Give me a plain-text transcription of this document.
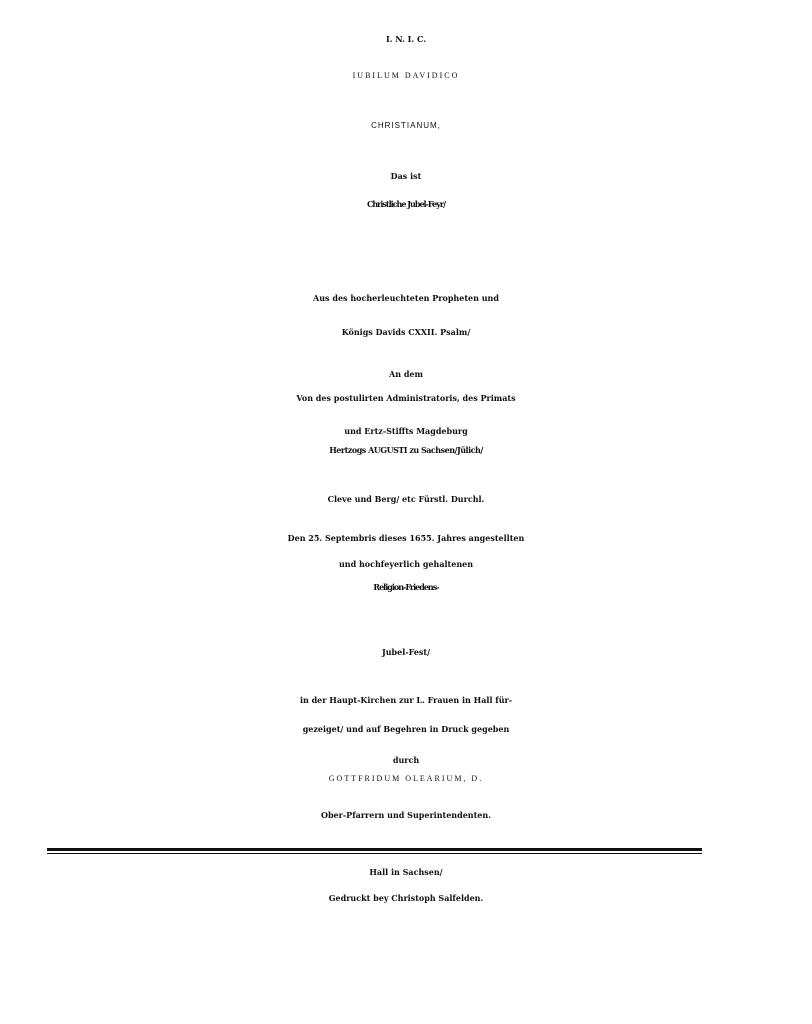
I. N. I. C.

IUBILUM DAVIDICO

CHRISTIANUM,

Das ist

Christliche Jubel-Feyr/

Aus des hocherleuchteten Propheten und

Königs Davids CXXII. Psalm/

An dem

Von des postulirten Administratoris, des Primats

und Ertz-Stiffts Magdeburg

Hertzogs AUGUSTI zu Sachsen/Jülich/

Cleve und Berg/ etc Fürstl. Durchl.

Den 25. Septembris dieses 1655. Jahres angestellten

und hochfeyerlich gehaltenen

Religion-Friedens-

Jubel-Fest/

in der Haupt-Kirchen zur L. Frauen in Hall für-

gezeiget/ und auf Begehren in Druck gegeben

durch

GOTTFRIDUM OLEARIUM, D.

Ober-Pfarrern und Superintendenten.

Hall in Sachsen/

Gedruckt bey Christoph Salfelden.
